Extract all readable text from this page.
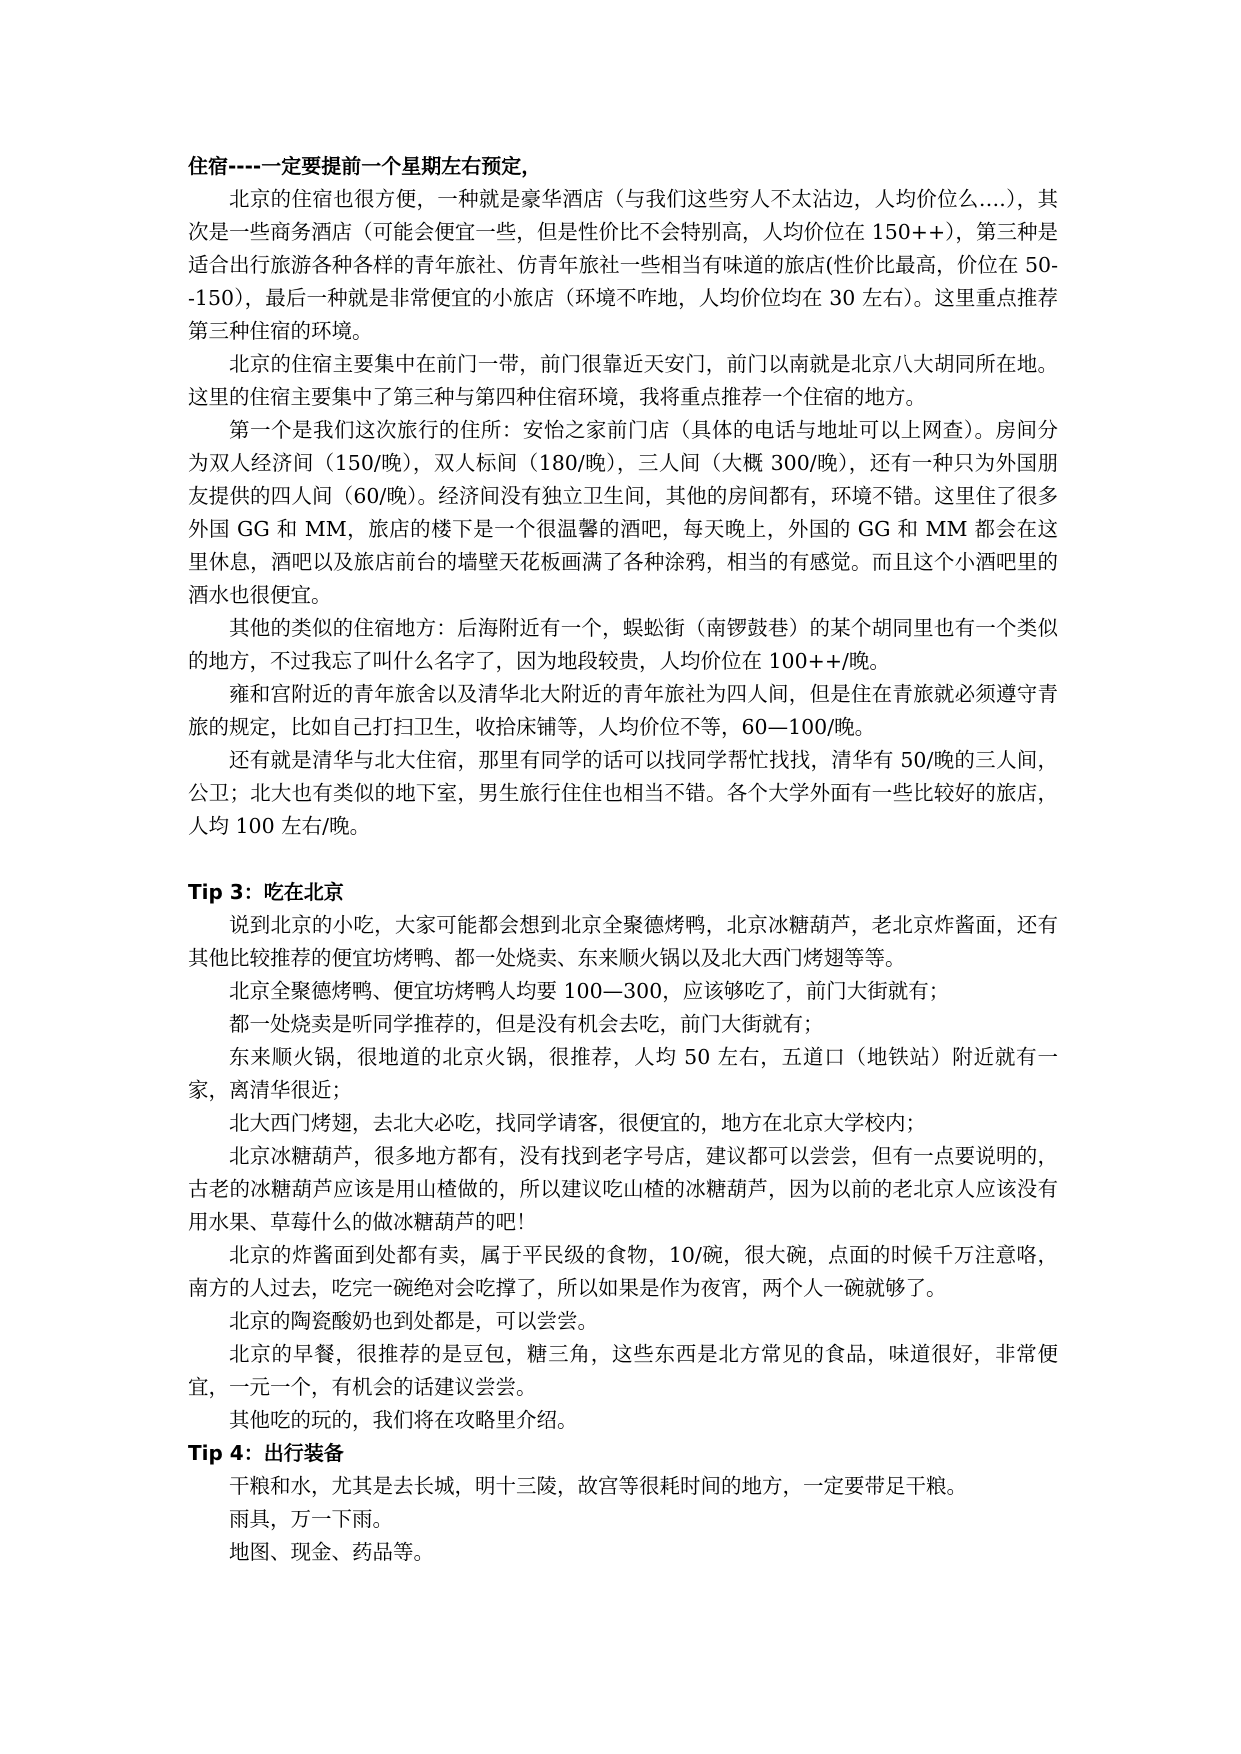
住宿----一定要提前一个星期左右预定，

北京的住宿也很方便，一种就是豪华酒店（与我们这些穷人不太沾边，人均价位么….），其次是一些商务酒店（可能会便宜一些，但是性价比不会特别高，人均价位在 150++），第三种是适合出行旅游各种各样的青年旅社、仿青年旅社一些相当有味道的旅店(性价比最高，价位在 50--150），最后一种就是非常便宜的小旅店（环境不咋地，人均价位均在 30 左右）。这里重点推荐第三种住宿的环境。

北京的住宿主要集中在前门一带，前门很靠近天安门，前门以南就是北京八大胡同所在地。这里的住宿主要集中了第三种与第四种住宿环境，我将重点推荐一个住宿的地方。

第一个是我们这次旅行的住所：安怡之家前门店（具体的电话与地址可以上网查）。房间分为双人经济间（150/晚），双人标间（180/晚），三人间（大概 300/晚），还有一种只为外国朋友提供的四人间（60/晚）。经济间没有独立卫生间，其他的房间都有，环境不错。这里住了很多外国 GG 和 MM，旅店的楼下是一个很温馨的酒吧，每天晚上，外国的 GG 和 MM 都会在这里休息，酒吧以及旅店前台的墙壁天花板画满了各种涂鸦，相当的有感觉。而且这个小酒吧里的酒水也很便宜。

其他的类似的住宿地方：后海附近有一个，蜈蚣街（南锣鼓巷）的某个胡同里也有一个类似的地方，不过我忘了叫什么名字了，因为地段较贵，人均价位在 100++/晚。

雍和宫附近的青年旅舍以及清华北大附近的青年旅社为四人间，但是住在青旅就必须遵守青旅的规定，比如自己打扫卫生，收拾床铺等，人均价位不等，60—100/晚。

还有就是清华与北大住宿，那里有同学的话可以找同学帮忙找找，清华有 50/晚的三人间，公卫；北大也有类似的地下室，男生旅行住住也相当不错。各个大学外面有一些比较好的旅店，人均 100 左右/晚。

Tip 3：吃在北京

说到北京的小吃，大家可能都会想到北京全聚德烤鸭，北京冰糖葫芦，老北京炸酱面，还有其他比较推荐的便宜坊烤鸭、都一处烧卖、东来顺火锅以及北大西门烤翅等等。

北京全聚德烤鸭、便宜坊烤鸭人均要 100—300，应该够吃了，前门大街就有；

都一处烧卖是听同学推荐的，但是没有机会去吃，前门大街就有；

东来顺火锅，很地道的北京火锅，很推荐，人均 50 左右，五道口（地铁站）附近就有一家，离清华很近；

北大西门烤翅，去北大必吃，找同学请客，很便宜的，地方在北京大学校内；

北京冰糖葫芦，很多地方都有，没有找到老字号店，建议都可以尝尝，但有一点要说明的，古老的冰糖葫芦应该是用山楂做的，所以建议吃山楂的冰糖葫芦，因为以前的老北京人应该没有用水果、草莓什么的做冰糖葫芦的吧！

北京的炸酱面到处都有卖，属于平民级的食物，10/碗，很大碗，点面的时候千万注意咯，南方的人过去，吃完一碗绝对会吃撑了，所以如果是作为夜宵，两个人一碗就够了。

北京的陶瓷酸奶也到处都是，可以尝尝。

北京的早餐，很推荐的是豆包，糖三角，这些东西是北方常见的食品，味道很好，非常便宜，一元一个，有机会的话建议尝尝。

其他吃的玩的，我们将在攻略里介绍。

Tip 4：出行装备

干粮和水，尤其是去长城，明十三陵，故宫等很耗时间的地方，一定要带足干粮。

雨具，万一下雨。

地图、现金、药品等。
